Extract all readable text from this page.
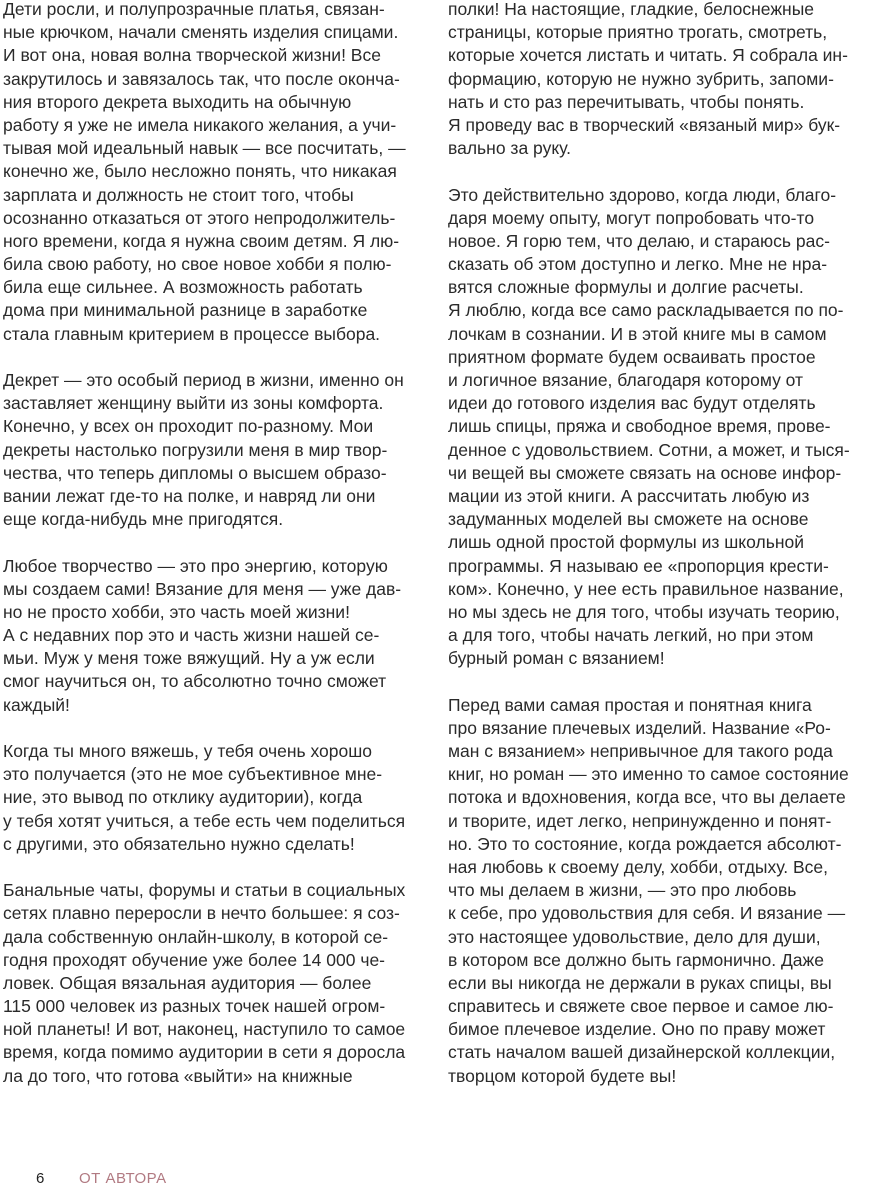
Дети росли, и полупрозрачные платья, связан-
ные крючком, начали сменять изделия спицами.
И вот она, новая волна творческой жизни! Все
закрутилось и завязалось так, что после оконча-
ния второго декрета выходить на обычную
работу я уже не имела никакого желания, а учи-
тывая мой идеальный навык — все посчитать, —
конечно же, было несложно понять, что никакая
зарплата и должность не стоит того, чтобы
осознанно отказаться от этого непродолжитель-
ного времени, когда я нужна своим детям. Я лю-
била свою работу, но свое новое хобби я полю-
била еще сильнее. А возможность работать
дома при минимальной разнице в заработке
стала главным критерием в процессе выбора.
Декрет — это особый период в жизни, именно он
заставляет женщину выйти из зоны комфорта.
Конечно, у всех он проходит по-разному. Мои
декреты настолько погрузили меня в мир твор-
чества, что теперь дипломы о высшем образо-
вании лежат где-то на полке, и навряд ли они
еще когда-нибудь мне пригодятся.
Любое творчество — это про энергию, которую
мы создаем сами! Вязание для меня — уже дав-
но не просто хобби, это часть моей жизни!
А с недавних пор это и часть жизни нашей се-
мьи. Муж у меня тоже вяжущий. Ну а уж если
смог научиться он, то абсолютно точно сможет
каждый!
Когда ты много вяжешь, у тебя очень хорошо
это получается (это не мое субъективное мне-
ние, это вывод по отклику аудитории), когда
у тебя хотят учиться, а тебе есть чем поделиться
с другими, это обязательно нужно сделать!
Банальные чаты, форумы и статьи в социальных
сетях плавно переросли в нечто большее: я соз-
дала собственную онлайн-школу, в которой се-
годня проходят обучение уже более 14 000 че-
ловек. Общая вязальная аудитория — более
115 000 человек из разных точек нашей огром-
ной планеты! И вот, наконец, наступило то самое
время, когда помимо аудитории в сети я доросла
ла до того, что готова «выйти» на книжные
полки! На настоящие, гладкие, белоснежные
страницы, которые приятно трогать, смотреть,
которые хочется листать и читать. Я собрала ин-
формацию, которую не нужно зубрить, запоми-
нать и сто раз перечитывать, чтобы понять.
Я проведу вас в творческий «вязаный мир» бук-
вально за руку.
Это действительно здорово, когда люди, благо-
даря моему опыту, могут попробовать что-то
новое. Я горю тем, что делаю, и стараюсь рас-
сказать об этом доступно и легко. Мне не нра-
вятся сложные формулы и долгие расчеты.
Я люблю, когда все само раскладывается по по-
лочкам в сознании. И в этой книге мы в самом
приятном формате будем осваивать простое
и логичное вязание, благодаря которому от
идеи до готового изделия вас будут отделять
лишь спицы, пряжа и свободное время, прове-
денное с удовольствием. Сотни, а может, и тыся-
чи вещей вы сможете связать на основе инфор-
мации из этой книги. А рассчитать любую из
задуманных моделей вы сможете на основе
лишь одной простой формулы из школьной
программы. Я называю ее «пропорция крести-
ком». Конечно, у нее есть правильное название,
но мы здесь не для того, чтобы изучать теорию,
а для того, чтобы начать легкий, но при этом
бурный роман с вязанием!
Перед вами самая простая и понятная книга
про вязание плечевых изделий. Название «Ро-
ман с вязанием» непривычное для такого рода
книг, но роман — это именно то самое состояние
потока и вдохновения, когда все, что вы делаете
и творите, идет легко, непринужденно и понят-
но. Это то состояние, когда рождается абсолют-
ная любовь к своему делу, хобби, отдыху. Все,
что мы делаем в жизни, — это про любовь
к себе, про удовольствия для себя. И вязание —
это настоящее удовольствие, дело для души,
в котором все должно быть гармонично. Даже
если вы никогда не держали в руках спицы, вы
справитесь и свяжете свое первое и самое лю-
бимое плечевое изделие. Оно по праву может
стать началом вашей дизайнерской коллекции,
творцом которой будете вы!
6 ОТ АВТОРА
